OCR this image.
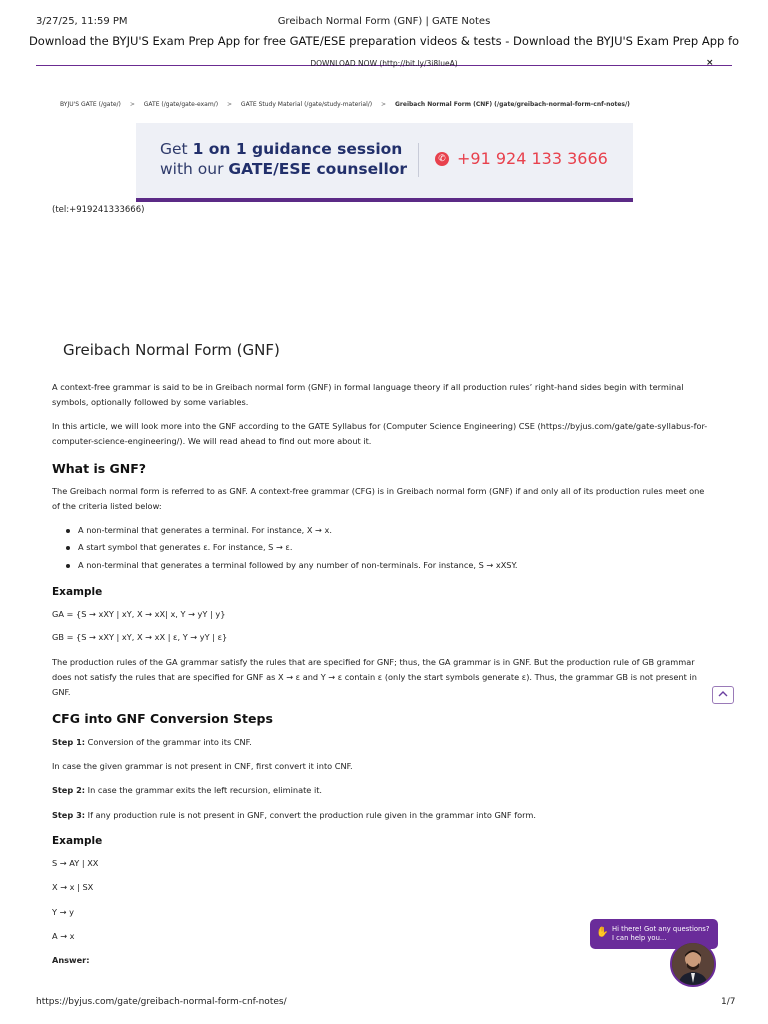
3/27/25, 11:59 PM	Greibach Normal Form (GNF) | GATE Notes
Download the BYJU'S Exam Prep App for free GATE/ESE preparation videos & tests - Download the BYJU'S Exam Prep App fo
DOWNLOAD NOW (http://bit.ly/3i8lueA)	×
BYJU'S GATE (/gate/) > GATE (/gate/gate-exam/) > GATE Study Material (/gate/study-material/) > Greibach Normal Form (CNF) (/gate/greibach-normal-form-cnf-notes/)
Get 1 on 1 guidance session
with our GATE/ESE counsellor
✆ +91 924 133 3666
(tel:+919241333666)
Greibach Normal Form (GNF)
A context-free grammar is said to be in Greibach normal form (GNF) in formal language theory if all production rules’ right-hand sides begin with terminal symbols, optionally followed by some variables.
In this article, we will look more into the GNF according to the GATE Syllabus for (Computer Science Engineering) CSE (https://byjus.com/gate/gate-syllabus-for-computer-science-engineering/). We will read ahead to find out more about it.
What is GNF?
The Greibach normal form is referred to as GNF. A context-free grammar (CFG) is in Greibach normal form (GNF) if and only all of its production rules meet one of the criteria listed below:
A non-terminal that generates a terminal. For instance, X → x.
A start symbol that generates ε. For instance, S → ε.
A non-terminal that generates a terminal followed by any number of non-terminals. For instance, S → xXSY.
Example
GA = {S → xXY | xY, X → xX| x, Y → yY | y}
GB = {S → xXY | xY, X → xX | ε, Y → yY | ε}
The production rules of the GA grammar satisfy the rules that are specified for GNF; thus, the GA grammar is in GNF. But the production rule of GB grammar does not satisfy the rules that are specified for GNF as X → ε and Y → ε contain ε (only the start symbols generate ε). Thus, the grammar GB is not present in GNF.
CFG into GNF Conversion Steps
Step 1: Conversion of the grammar into its CNF.
In case the given grammar is not present in CNF, first convert it into CNF.
Step 2: In case the grammar exits the left recursion, eliminate it.
Step 3: If any production rule is not present in GNF, convert the production rule given in the grammar into GNF form.
Example
S → AY | XX
X → x | SX
Y → y
A → x
Answer:
✋ Hi there! Got any questions? I can help you...
https://byjus.com/gate/greibach-normal-form-cnf-notes/	1/7
